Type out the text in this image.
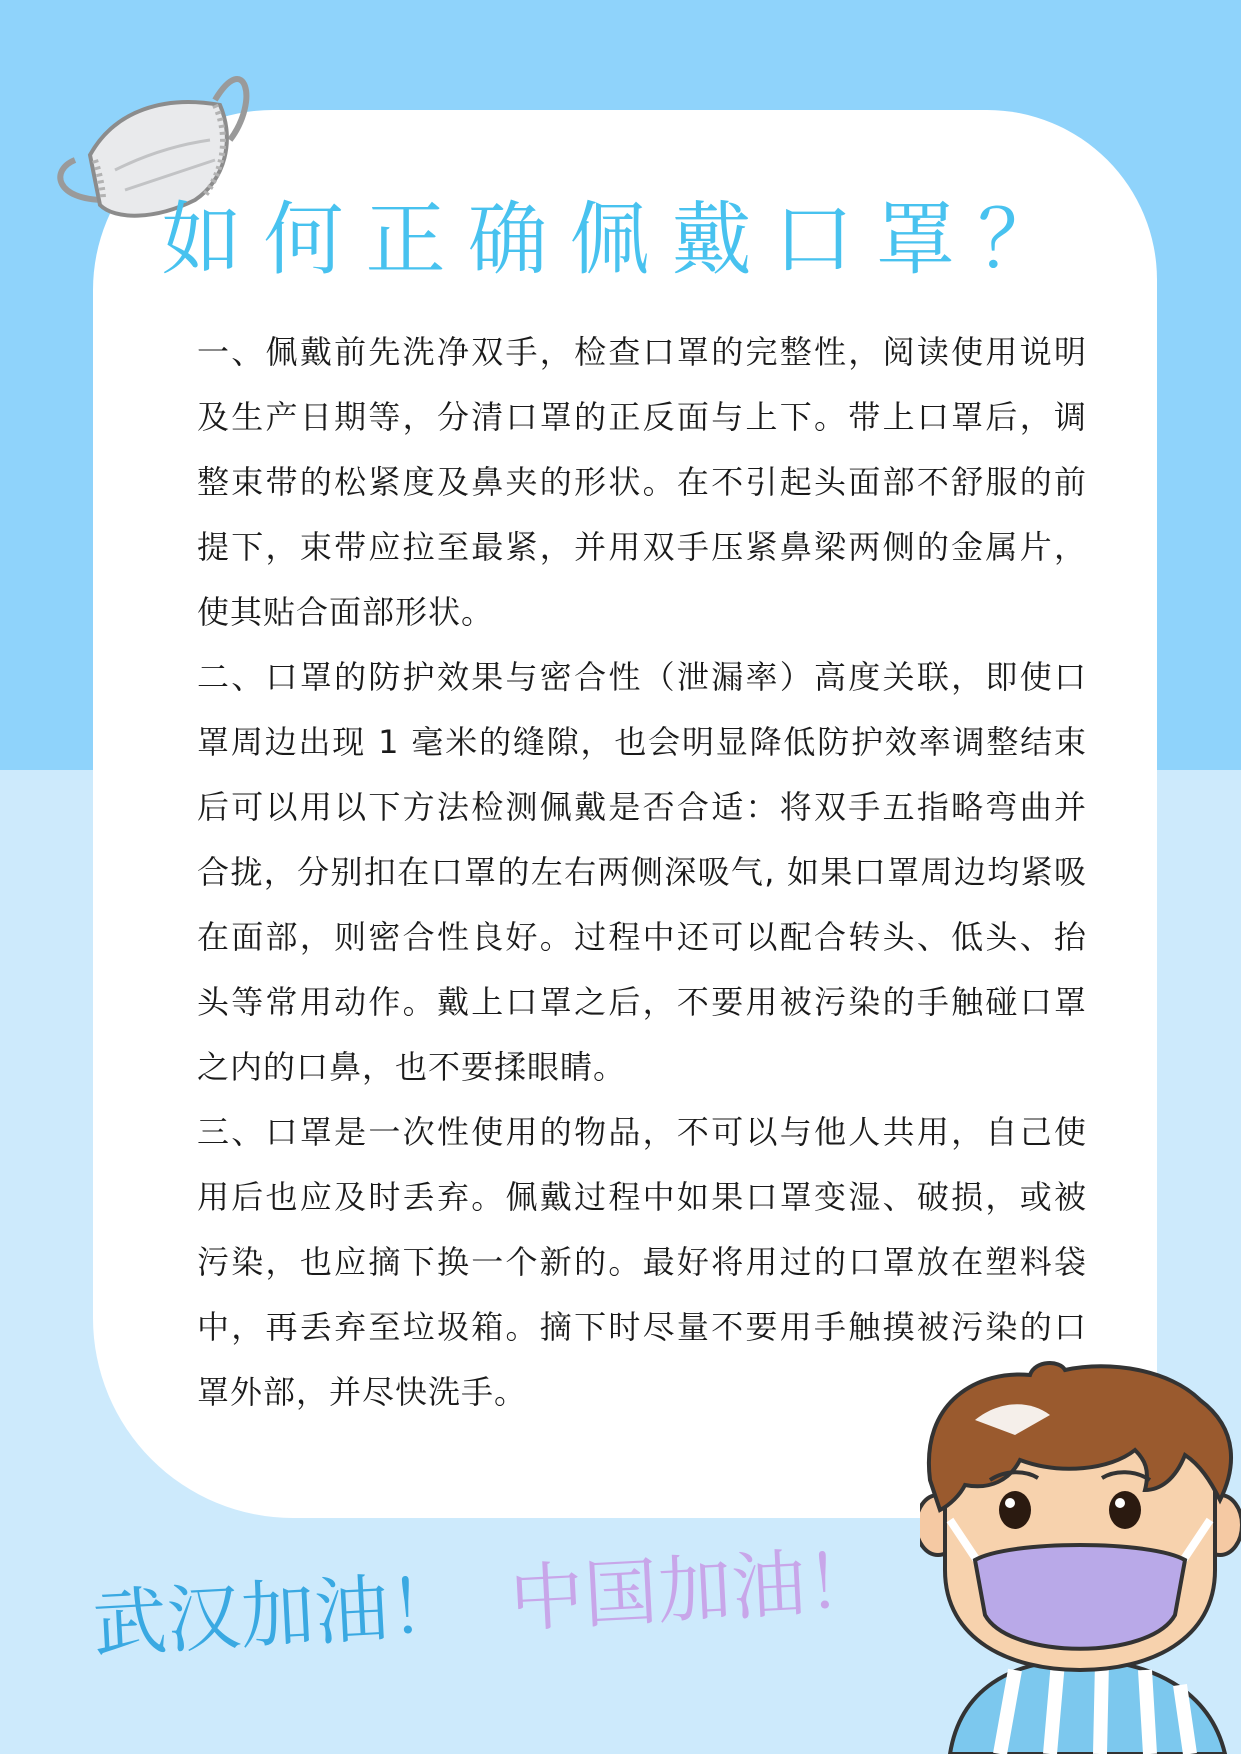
如何正确佩戴口罩？

一、佩戴前先洗净双手，检查口罩的完整性，阅读使用说明及生产日期等，分清口罩的正反面与上下。带上口罩后，调整束带的松紧度及鼻夹的形状。在不引起头面部不舒服的前提下，束带应拉至最紧，并用双手压紧鼻梁两侧的金属片，使其贴合面部形状。

二、口罩的防护效果与密合性（泄漏率）高度关联，即使口罩周边出现 1 毫米的缝隙，也会明显降低防护效率调整结束后可以用以下方法检测佩戴是否合适：将双手五指略弯曲并合拢，分别扣在口罩的左右两侧深吸气, 如果口罩周边均紧吸在面部，则密合性良好。过程中还可以配合转头、低头、抬头等常用动作。戴上口罩之后，不要用被污染的手触碰口罩之内的口鼻，也不要揉眼睛。

三、口罩是一次性使用的物品，不可以与他人共用，自己使用后也应及时丢弃。佩戴过程中如果口罩变湿、破损，或被污染，也应摘下换一个新的。最好将用过的口罩放在塑料袋中，再丢弃至垃圾箱。摘下时尽量不要用手触摸被污染的口罩外部，并尽快洗手。

武汉加油！ 中国加油！
